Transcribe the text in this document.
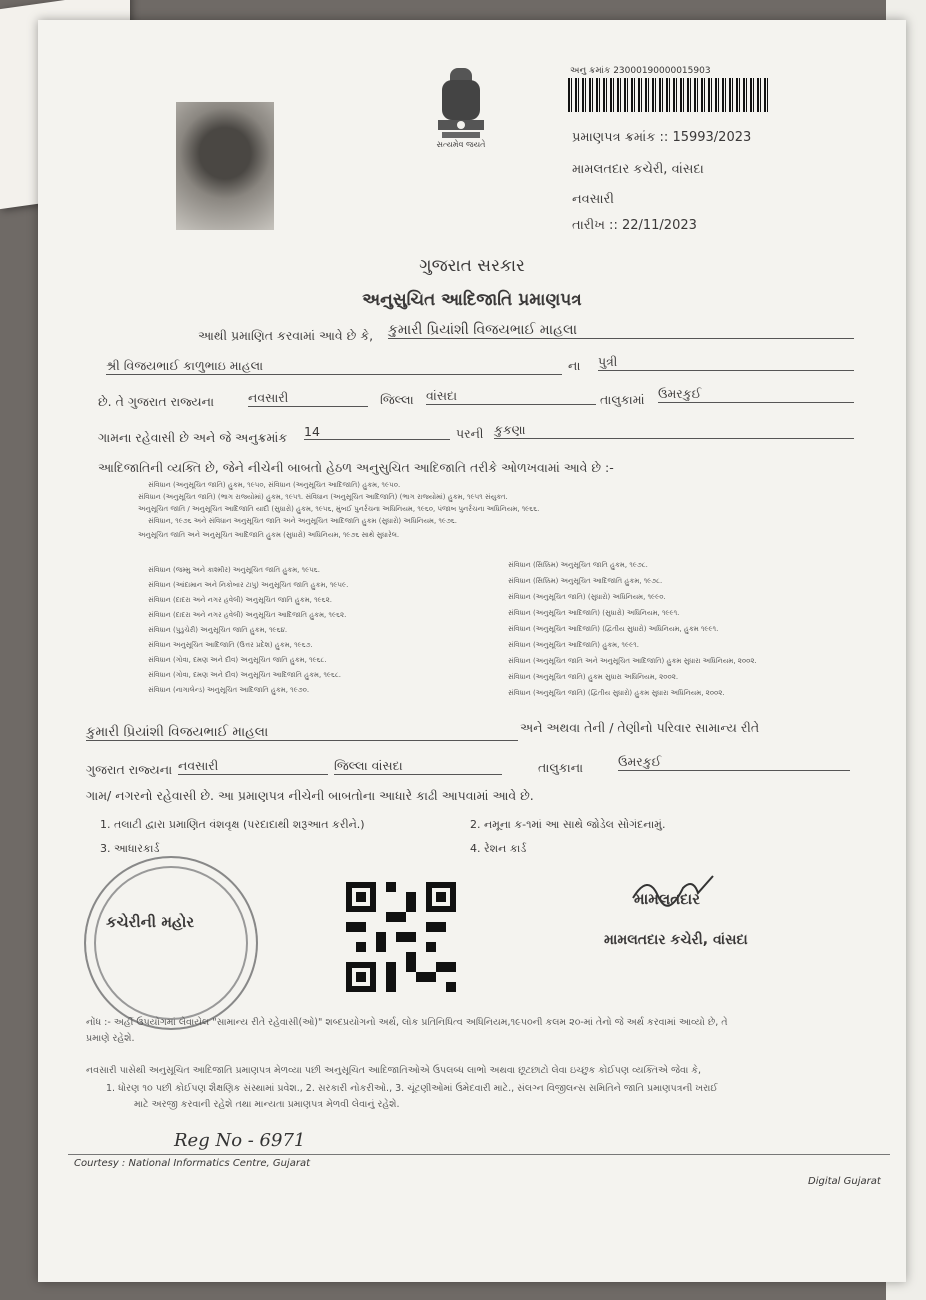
સત્યમેવ જયતે
અનુ ક્રમાંક 23000190000015903
પ્રમાણપત્ર ક્રમાંક :: 15993/2023
મામલતદાર કચેરી, વાંસદા
નવસારી
તારીખ :: 22/11/2023
ગુજરાત સરકાર
અનુસુચિત આદિજાતિ પ્રમાણપત્ર
આથી પ્રમાણિત કરવામાં આવે છે કે, કુમારી પ્રિયાંશી વિજયભાઈ માહલા
શ્રી વિજયભાઈ કાળુભાઇ માહલા	ના પુત્રી
છે. તે ગુજરાત રાજ્યના	નવસારી	જિલ્લા વાંસદા	તાલુકામાં ઉમરકુઈ
ગામના રહેવાસી છે અને જે અનુક્રમાંક 14	પરની કુકણા
આદિજાતિની વ્યક્તિ છે, જેને નીચેની બાબતો હેઠળ અનુસુચિત આદિજાતિ તરીકે ઓળખવામાં આવે છે :-
સંવિધાન (અનુસૂચિત જાતિ) હુકમ, ૧૯૫૦, સંવિધાન (અનુસૂચિત આદિજાતિ) હુકમ, ૧૯૫૦.
સંવિધાન (અનુસૂચિત જાતિ) (ભાગ રાજ્યોમાં) હુકમ, ૧૯૫૧. સંવિધાન (અનુસૂચિત આદિજાતિ) (ભાગ રાજ્યોમાં) હુકમ, ૧૯૫૧ સંયુક્ત.
અનુસૂચિત જાતિ / અનુસૂચિત આદિજાતિ યાદી (સુધારો) હુકમ, ૧૯૫૬, મુંબઈ પુનર્રચના અધિનિયમ, ૧૯૬૦, પંજાબ પુનર્રચના અધિનિયમ, ૧૯૬૬.
સંવિધાન, ૧૯૭૬ અને સંવિધાન અનુસૂચિત જાતિ અને અનુસૂચિત આદિજાતિ હુકમ (સુધારો) અધિનિયમ, ૧૯૭૬.
અનુસૂચિત જાતિ અને અનુસૂચિત આદિજાતિ હુકમ (સુધારો) અધિનિયમ, ૧૯૭૬ સાથે સુધારેલ.
સંવિધાન (જમ્મુ અને કાશ્મીર) અનુસૂચિત જાતિ હુકમ, ૧૯૫૬.
સંવિધાન (આંદામાન અને નિકોબાર ટાપુ) અનુસૂચિત જાતિ હુકમ, ૧૯૫૯.
સંવિધાન (દાદરા અને નગર હવેલી) અનુસૂચિત જાતિ હુકમ, ૧૯૬૨.
સંવિધાન (દાદરા અને નગર હવેલી) અનુસૂચિત આદિજાતિ હુકમ, ૧૯૬૨.
સંવિધાન (પુડુચેરી) અનુસૂચિત જાતિ હુકમ, ૧૯૬૪.
સંવિધાન અનુસૂચિત આદિજાતિ (ઉત્તર પ્રદેશ) હુકમ, ૧૯૬૭.
સંવિધાન (ગોવા, દમણ અને દીવ) અનુસૂચિત જાતિ હુકમ, ૧૯૬૮.
સંવિધાન (ગોવા, દમણ અને દીવ) અનુસૂચિત આદિજાતિ હુકમ, ૧૯૬૮.
સંવિધાન (નાગાલેન્ડ) અનુસૂચિત આદિજાતિ હુકમ, ૧૯૭૦.
સંવિધાન (સિક્કિમ) અનુસૂચિત જાતિ હુકમ, ૧૯૭૮.
સંવિધાન (સિક્કિમ) અનુસૂચિત આદિજાતિ હુકમ, ૧૯૭૮.
સંવિધાન (અનુસૂચિત જાતિ) (સુધારો) અધિનિયમ, ૧૯૯૦.
સંવિધાન (અનુસૂચિત આદિજાતિ) (સુધારો) અધિનિયમ, ૧૯૯૧.
સંવિધાન (અનુસૂચિત આદિજાતિ) (દ્વિતીય સુધારો) અધિનિયમ, હુકમ ૧૯૯૧.
સંવિધાન (અનુસૂચિત આદિજાતિ) હુકમ, ૧૯૯૧.
સંવિધાન (અનુસૂચિત જાતિ અને અનુસૂચિત આદિજાતિ) હુકમ સુધારા અધિનિયમ, ૨૦૦૨.
સંવિધાન (અનુસૂચિત જાતિ) હુકમ સુધારા અધિનિયમ, ૨૦૦૨.
સંવિધાન (અનુસૂચિત જાતિ) (દ્વિતીય સુધારો) હુકમ સુધારા અધિનિયમ, ૨૦૦૨.
કુમારી પ્રિયાંશી વિજયભાઈ માહલા	અને અથવા તેની / તેણીનો પરિવાર સામાન્ય રીતે
ગુજરાત રાજ્યના નવસારી	જિલ્લા વાંસદા	તાલુકાના	ઉમરકુઈ
ગામ/ નગરનો રહેવાસી છે. આ પ્રમાણપત્ર નીચેની બાબતોના આધારે કાઢી આપવામાં આવે છે.
1. તલાટી દ્વારા પ્રમાણિત વંશવૃક્ષ (પરદાદાથી શરૂઆત કરીને.)	2. નમૂના ક-૧માં આ સાથે જોડેલ સોગંદનામું.
3. આધારકાર્ડ	4. રેશન કાર્ડ
કચેરીની મહોર
મામલતદાર
મામલતદાર કચેરી, વાંસદા
નોંધ :- અહીં ઉપયોગમાં લેવાયેલ "સામાન્ય રીતે રહેવાસી(ઓ)" શબ્દપ્રયોગનો અર્થ, લોક પ્રતિનિધિત્વ અધિનિયમ,૧૯૫૦ની કલમ ૨૦-માં તેનો જે અર્થ કરવામાં આવ્યો છે, તે
પ્રમાણે રહેશે.
નવસારી પાસેથી અનુસૂચિત આદિજાતિ પ્રમાણપત્ર મેળવ્યા પછી અનુસૂચિત આદિજાતિઓએ ઉપલબ્ધ લાભો અથવા છૂટછાટો લેવા ઇચ્છુક કોઈપણ વ્યક્તિએ જેવા કે,
1. ધોરણ ૧૦ પછી કોઈપણ શૈક્ષણિક સંસ્થામાં પ્રવેશ., 2. સરકારી નોકરીઓ., 3. ચૂંટણીઓમાં ઉમેદવારી માટે., સંલગ્ન વિજીલન્સ સમિતિને જાતિ પ્રમાણપત્રની ખરાઈ
માટે અરજી કરવાની રહેશે તથા માન્યતા પ્રમાણપત્ર મેળવી લેવાનું રહેશે.
Reg No - 6971
Courtesy : National Informatics Centre, Gujarat
Digital Gujarat
